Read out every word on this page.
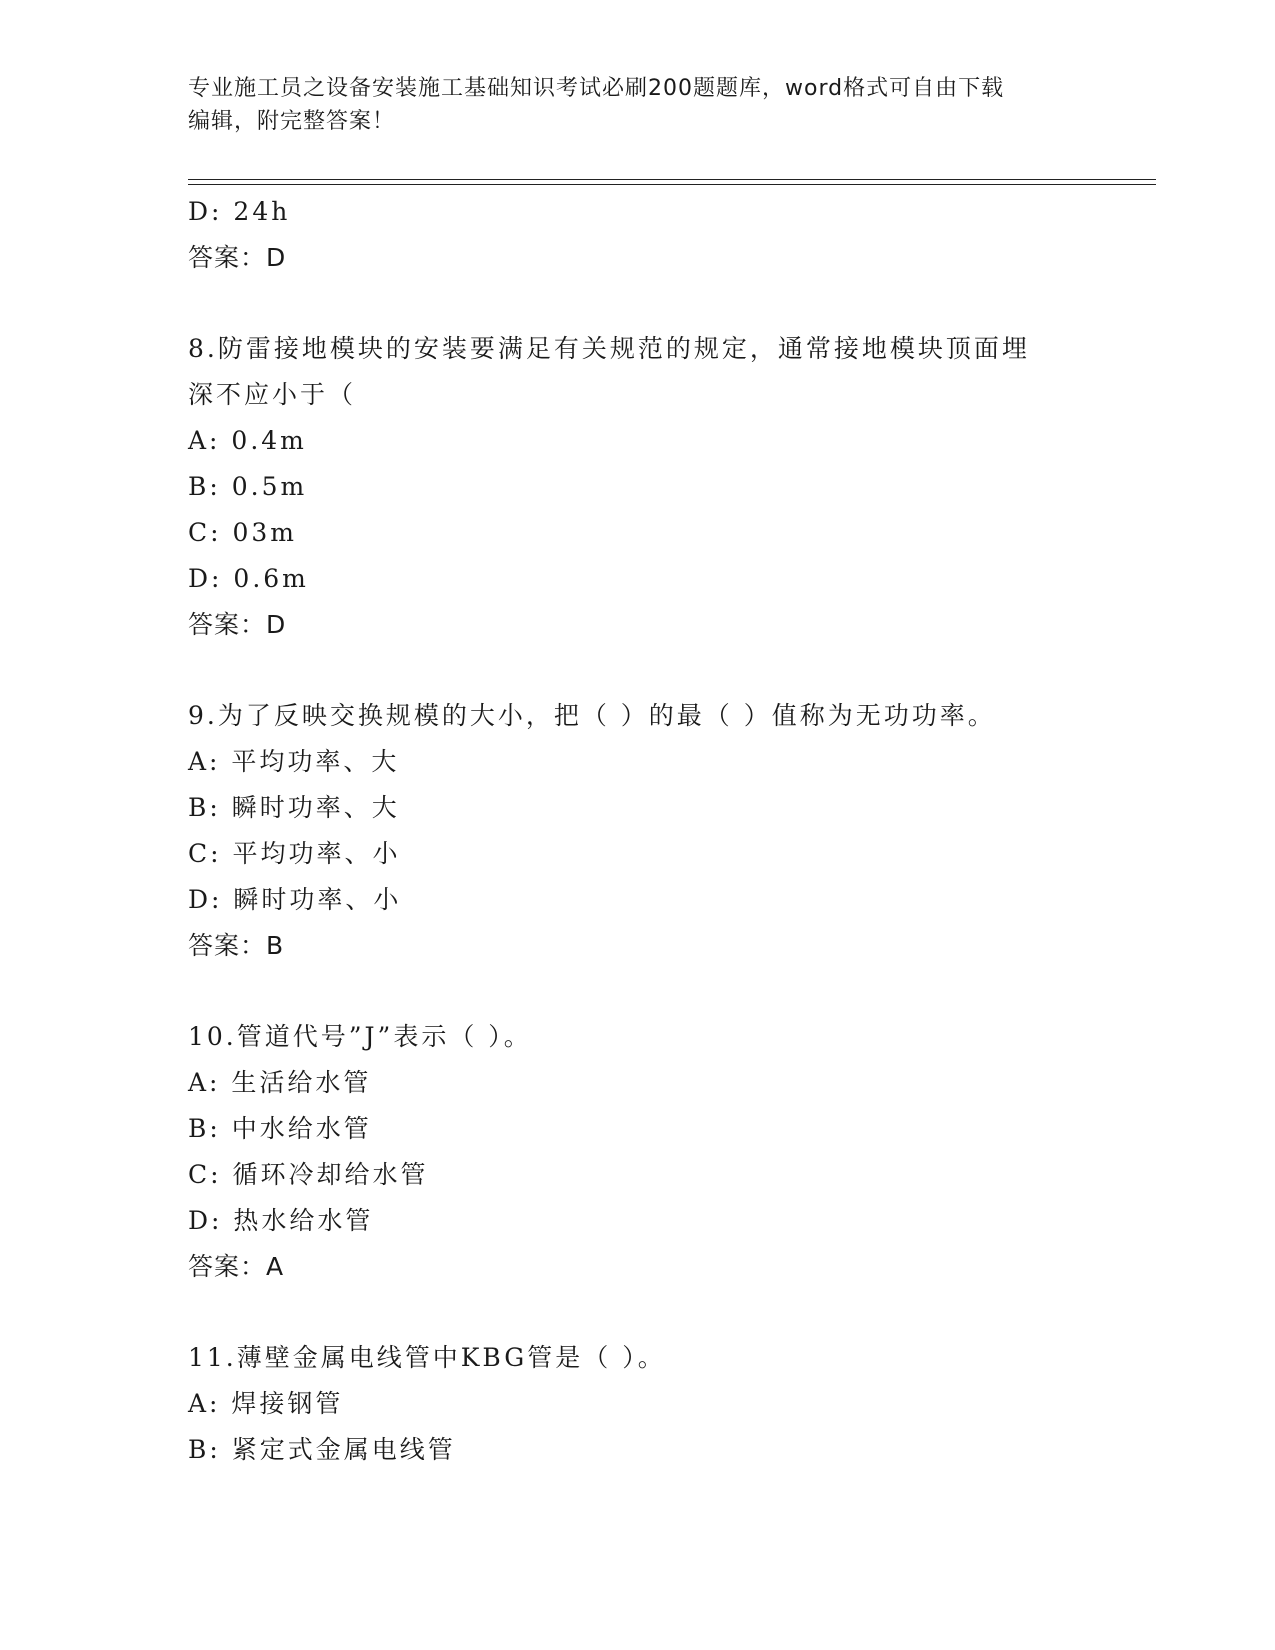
专业施工员之设备安装施工基础知识考试必刷200题题库，word格式可自由下载
编辑，附完整答案！
D: 24h
答案：D
8.防雷接地模块的安装要满足有关规范的规定，通常接地模块顶面埋
深不应小于（
A: 0.4m
B: 0.5m
C: 03m
D: 0.6m
答案：D
9.为了反映交换规模的大小，把（ ）的最（ ）值称为无功功率。
A: 平均功率、大
B: 瞬时功率、大
C: 平均功率、小
D: 瞬时功率、小
答案：B
10.管道代号”J”表示（ ）。
A: 生活给水管
B: 中水给水管
C: 循环冷却给水管
D: 热水给水管
答案：A
11.薄壁金属电线管中KBG管是（ ）。
A: 焊接钢管
B: 紧定式金属电线管
